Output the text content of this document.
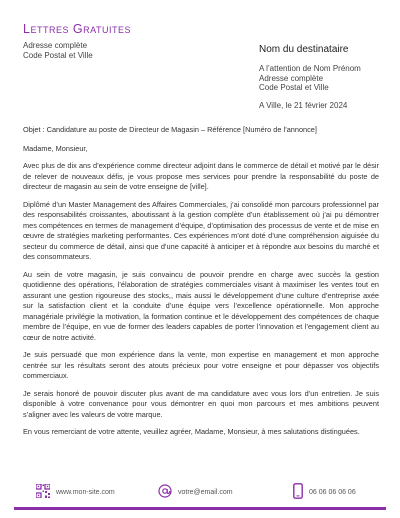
Lettres Gratuites
Adresse complète
Code Postal et Ville	Nom du destinataire
A l’attention de Nom Prénom
Adresse complète
Code Postal et Ville
A Ville, le 21 février 2024

Objet : Candidature au poste de Directeur de Magasin – Référence [Numéro de l’annonce]

Madame, Monsieur,

Avec plus de dix ans d’expérience comme directeur adjoint dans le commerce de détail et motivé par le désir de relever de nouveaux défis, je vous propose mes services pour prendre la responsabilité du poste de directeur de magasin au sein de votre enseigne de [ville].

Diplômé d’un Master Management des Affaires Commerciales, j’ai consolidé mon parcours professionnel par des responsabilités croissantes, aboutissant à la gestion complète d’un établissement où j’ai pu démontrer mes compétences en termes de management d’équipe, d’optimisation des processus de vente et de mise en œuvre de stratégies marketing performantes. Ces expériences m’ont doté d’une compréhension aiguisée du secteur du commerce de détail, ainsi que d’une capacité à anticiper et à répondre aux besoins du marché et des consommateurs.

Au sein de votre magasin, je suis convaincu de pouvoir prendre en charge avec succès la gestion quotidienne des opérations, l’élaboration de stratégies commerciales visant à maximiser les ventes tout en assurant une gestion rigoureuse des stocks,, mais aussi le développement d’une culture d’entreprise axée sur la satisfaction client et la conduite d’une équipe vers l’excellence opérationnelle. Mon approche managériale privilégie la motivation, la formation continue et le développement des compétences de chaque membre de l’équipe, en vue de former des leaders capables de porter l’innovation et l’engagement client au cœur de notre activité.

Je suis persuadé que mon expérience dans la vente, mon expertise en management et mon approche centrée sur les résultats seront des atouts précieux pour votre enseigne et pour dépasser vos objectifs commerciaux.

Je serais honoré de pouvoir discuter plus avant de ma candidature avec vous lors d’un entretien. Je suis disponible à votre convenance pour vous démontrer en quoi mon parcours et mes ambitions peuvent s’aligner avec les valeurs de votre marque.

En vous remerciant de votre attente, veuillez agréer, Madame, Monsieur, à mes salutations distinguées.

www.mon-site.com	votre@email.com	06 06 06 06 06
